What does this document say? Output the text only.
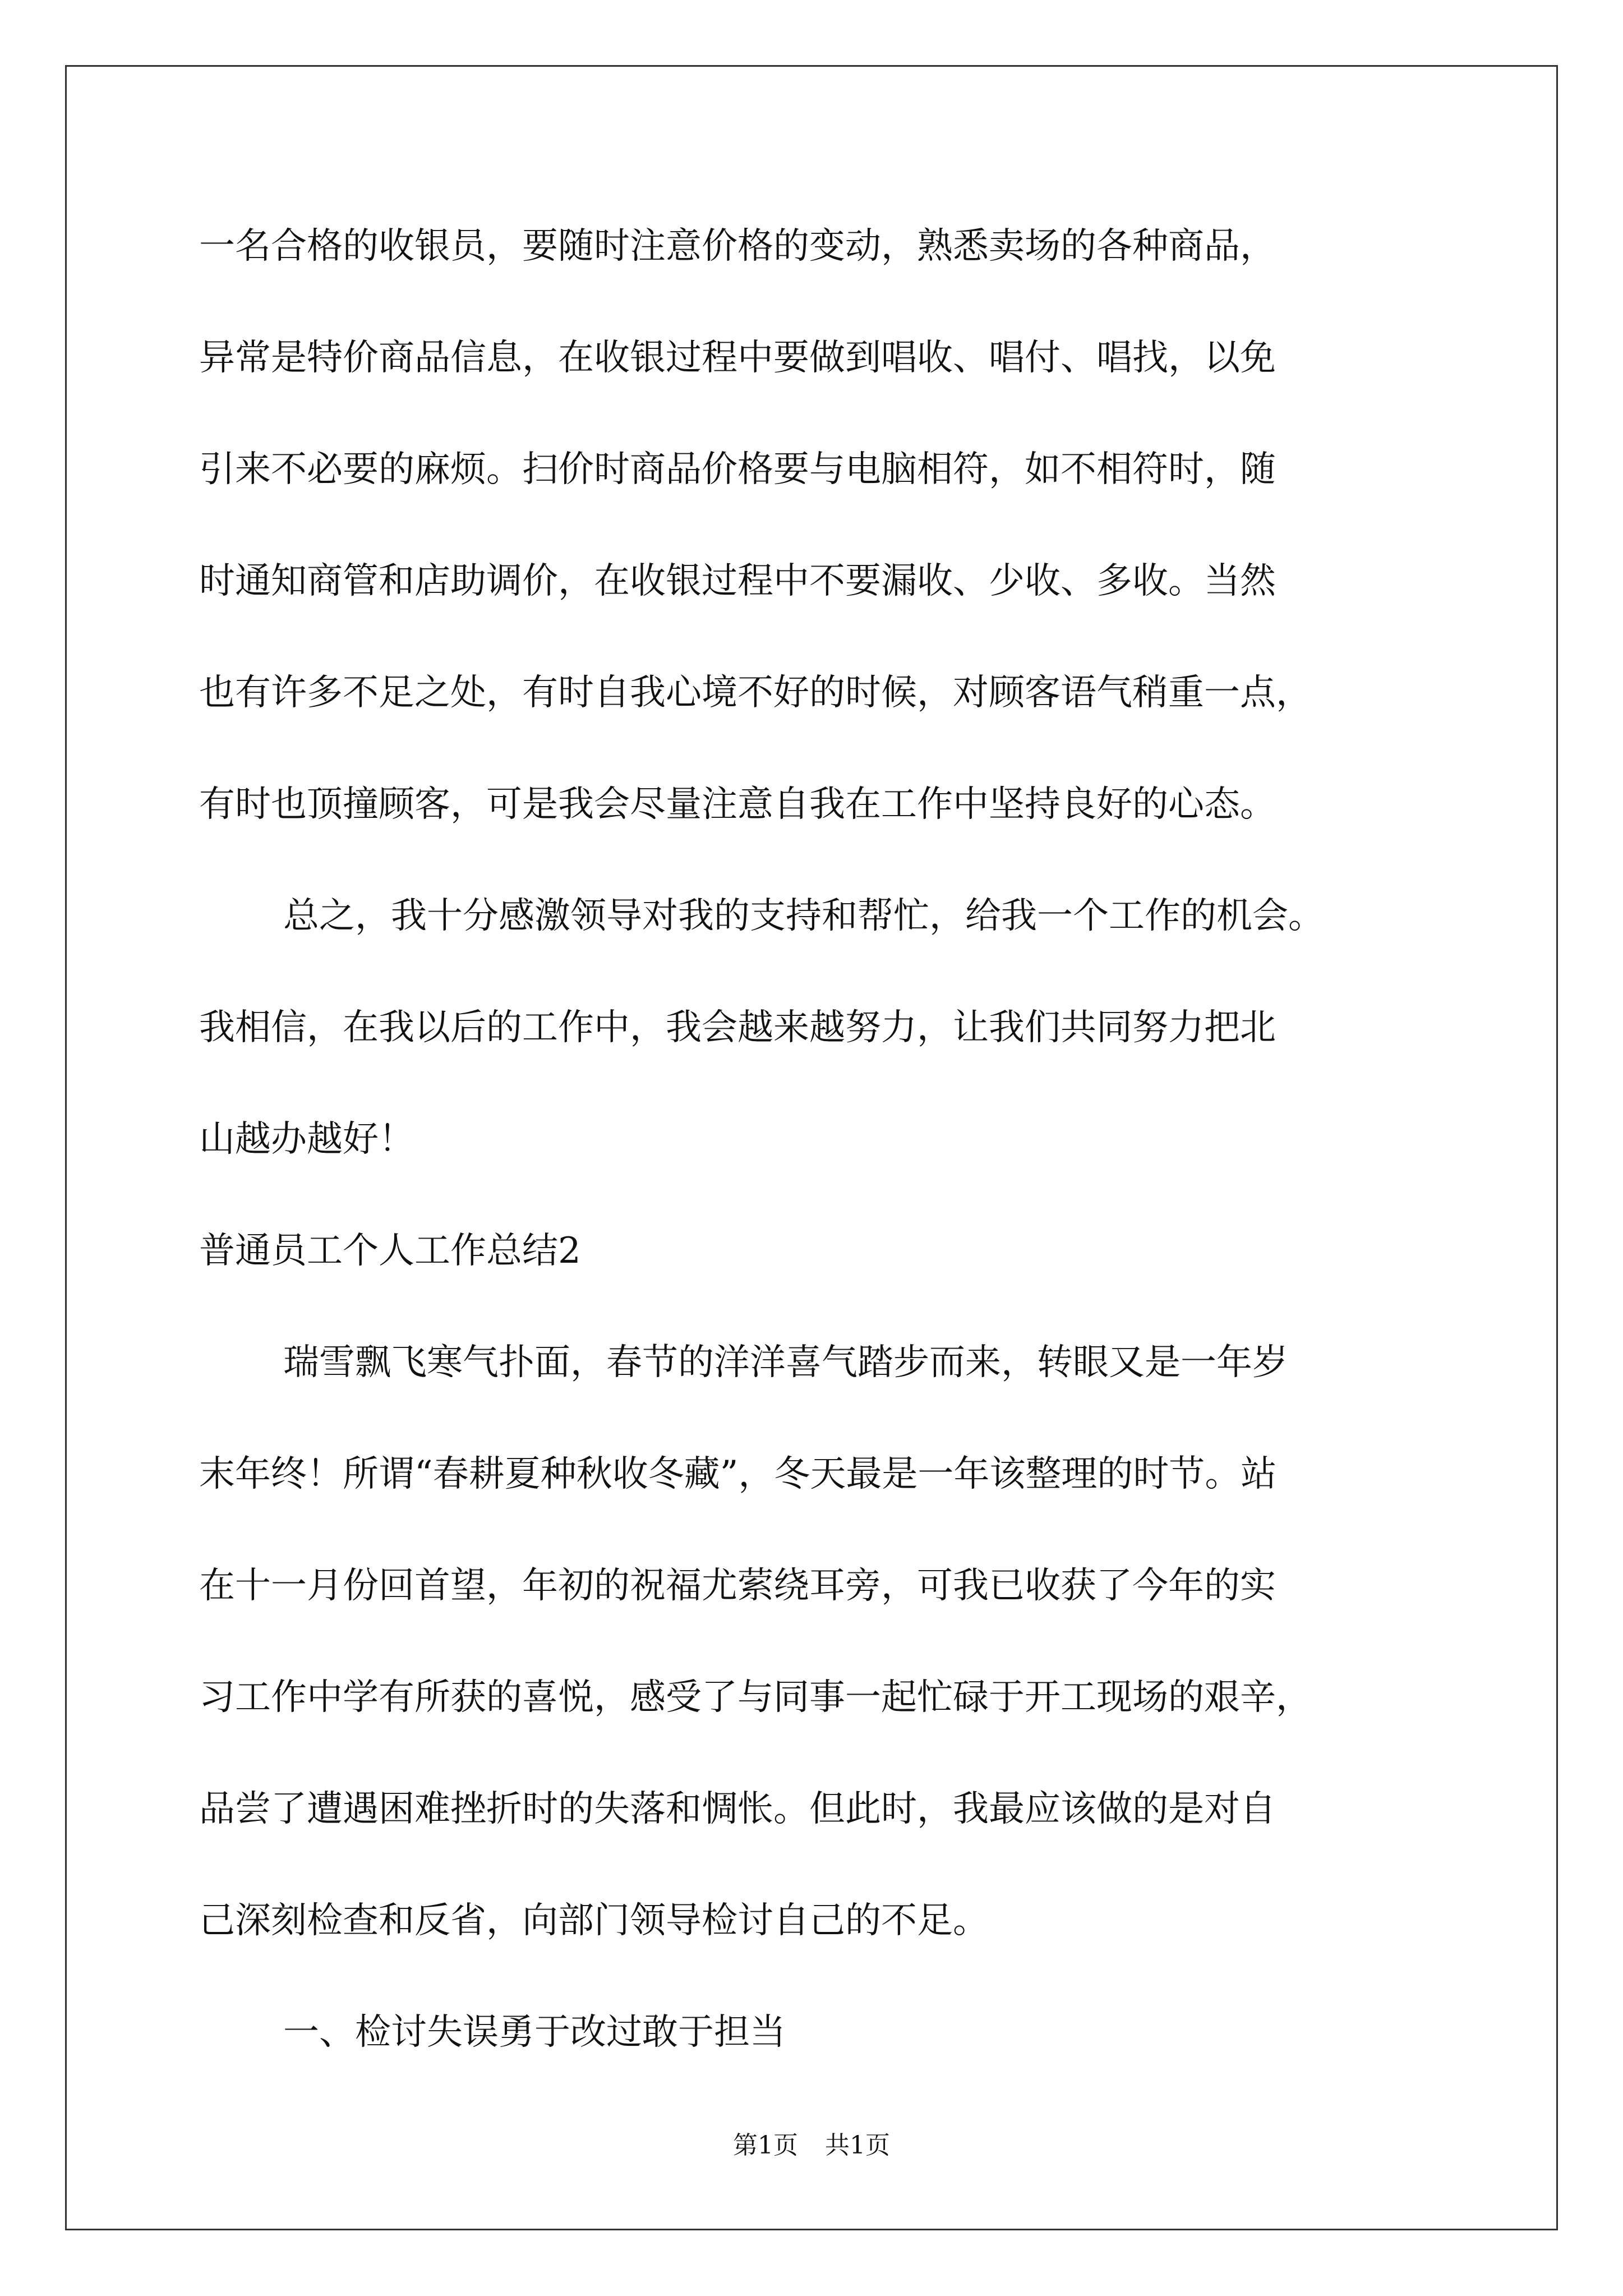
一名合格的收银员，要随时注意价格的变动，熟悉卖场的各种商品，
异常是特价商品信息，在收银过程中要做到唱收、唱付、唱找，以免
引来不必要的麻烦。扫价时商品价格要与电脑相符，如不相符时，随
时通知商管和店助调价，在收银过程中不要漏收、少收、多收。当然
也有许多不足之处，有时自我心境不好的时候，对顾客语气稍重一点，
有时也顶撞顾客，可是我会尽量注意自我在工作中坚持良好的心态。
总之，我十分感激领导对我的支持和帮忙，给我一个工作的机会。
我相信，在我以后的工作中，我会越来越努力，让我们共同努力把北
山越办越好！
普通员工个人工作总结2
瑞雪飘飞寒气扑面，春节的洋洋喜气踏步而来，转眼又是一年岁
末年终！所谓“春耕夏种秋收冬藏”，冬天最是一年该整理的时节。站
在十一月份回首望，年初的祝福尤萦绕耳旁，可我已收获了今年的实
习工作中学有所获的喜悦，感受了与同事一起忙碌于开工现场的艰辛，
品尝了遭遇困难挫折时的失落和惆怅。但此时，我最应该做的是对自
己深刻检查和反省，向部门领导检讨自己的不足。
一、检讨失误勇于改过敢于担当
第1页 共1页
